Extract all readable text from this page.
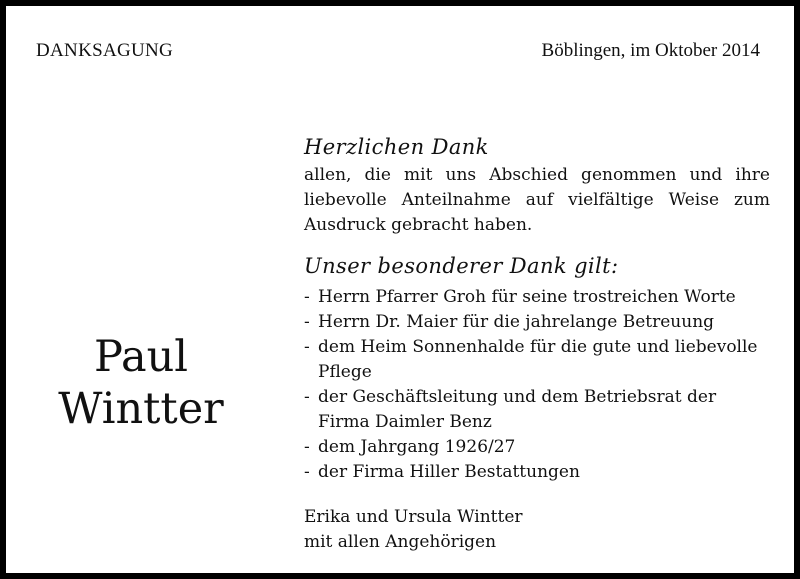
DANKSAGUNG	Böblingen, im Oktober 2014
Paul
Wintter
Herzlichen Dank
allen, die mit uns Abschied genommen und ihre liebevolle Anteilnahme auf vielfältige Weise zum Ausdruck gebracht haben.
Unser besonderer Dank gilt:
- Herrn Pfarrer Groh für seine trostreichen Worte
- Herrn Dr. Maier für die jahrelange Betreuung
- dem Heim Sonnenhalde für die gute und liebevolle Pflege
- der Geschäftsleitung und dem Betriebsrat der Firma Daimler Benz
- dem Jahrgang 1926/27
- der Firma Hiller Bestattungen
Erika und Ursula Wintter
mit allen Angehörigen
